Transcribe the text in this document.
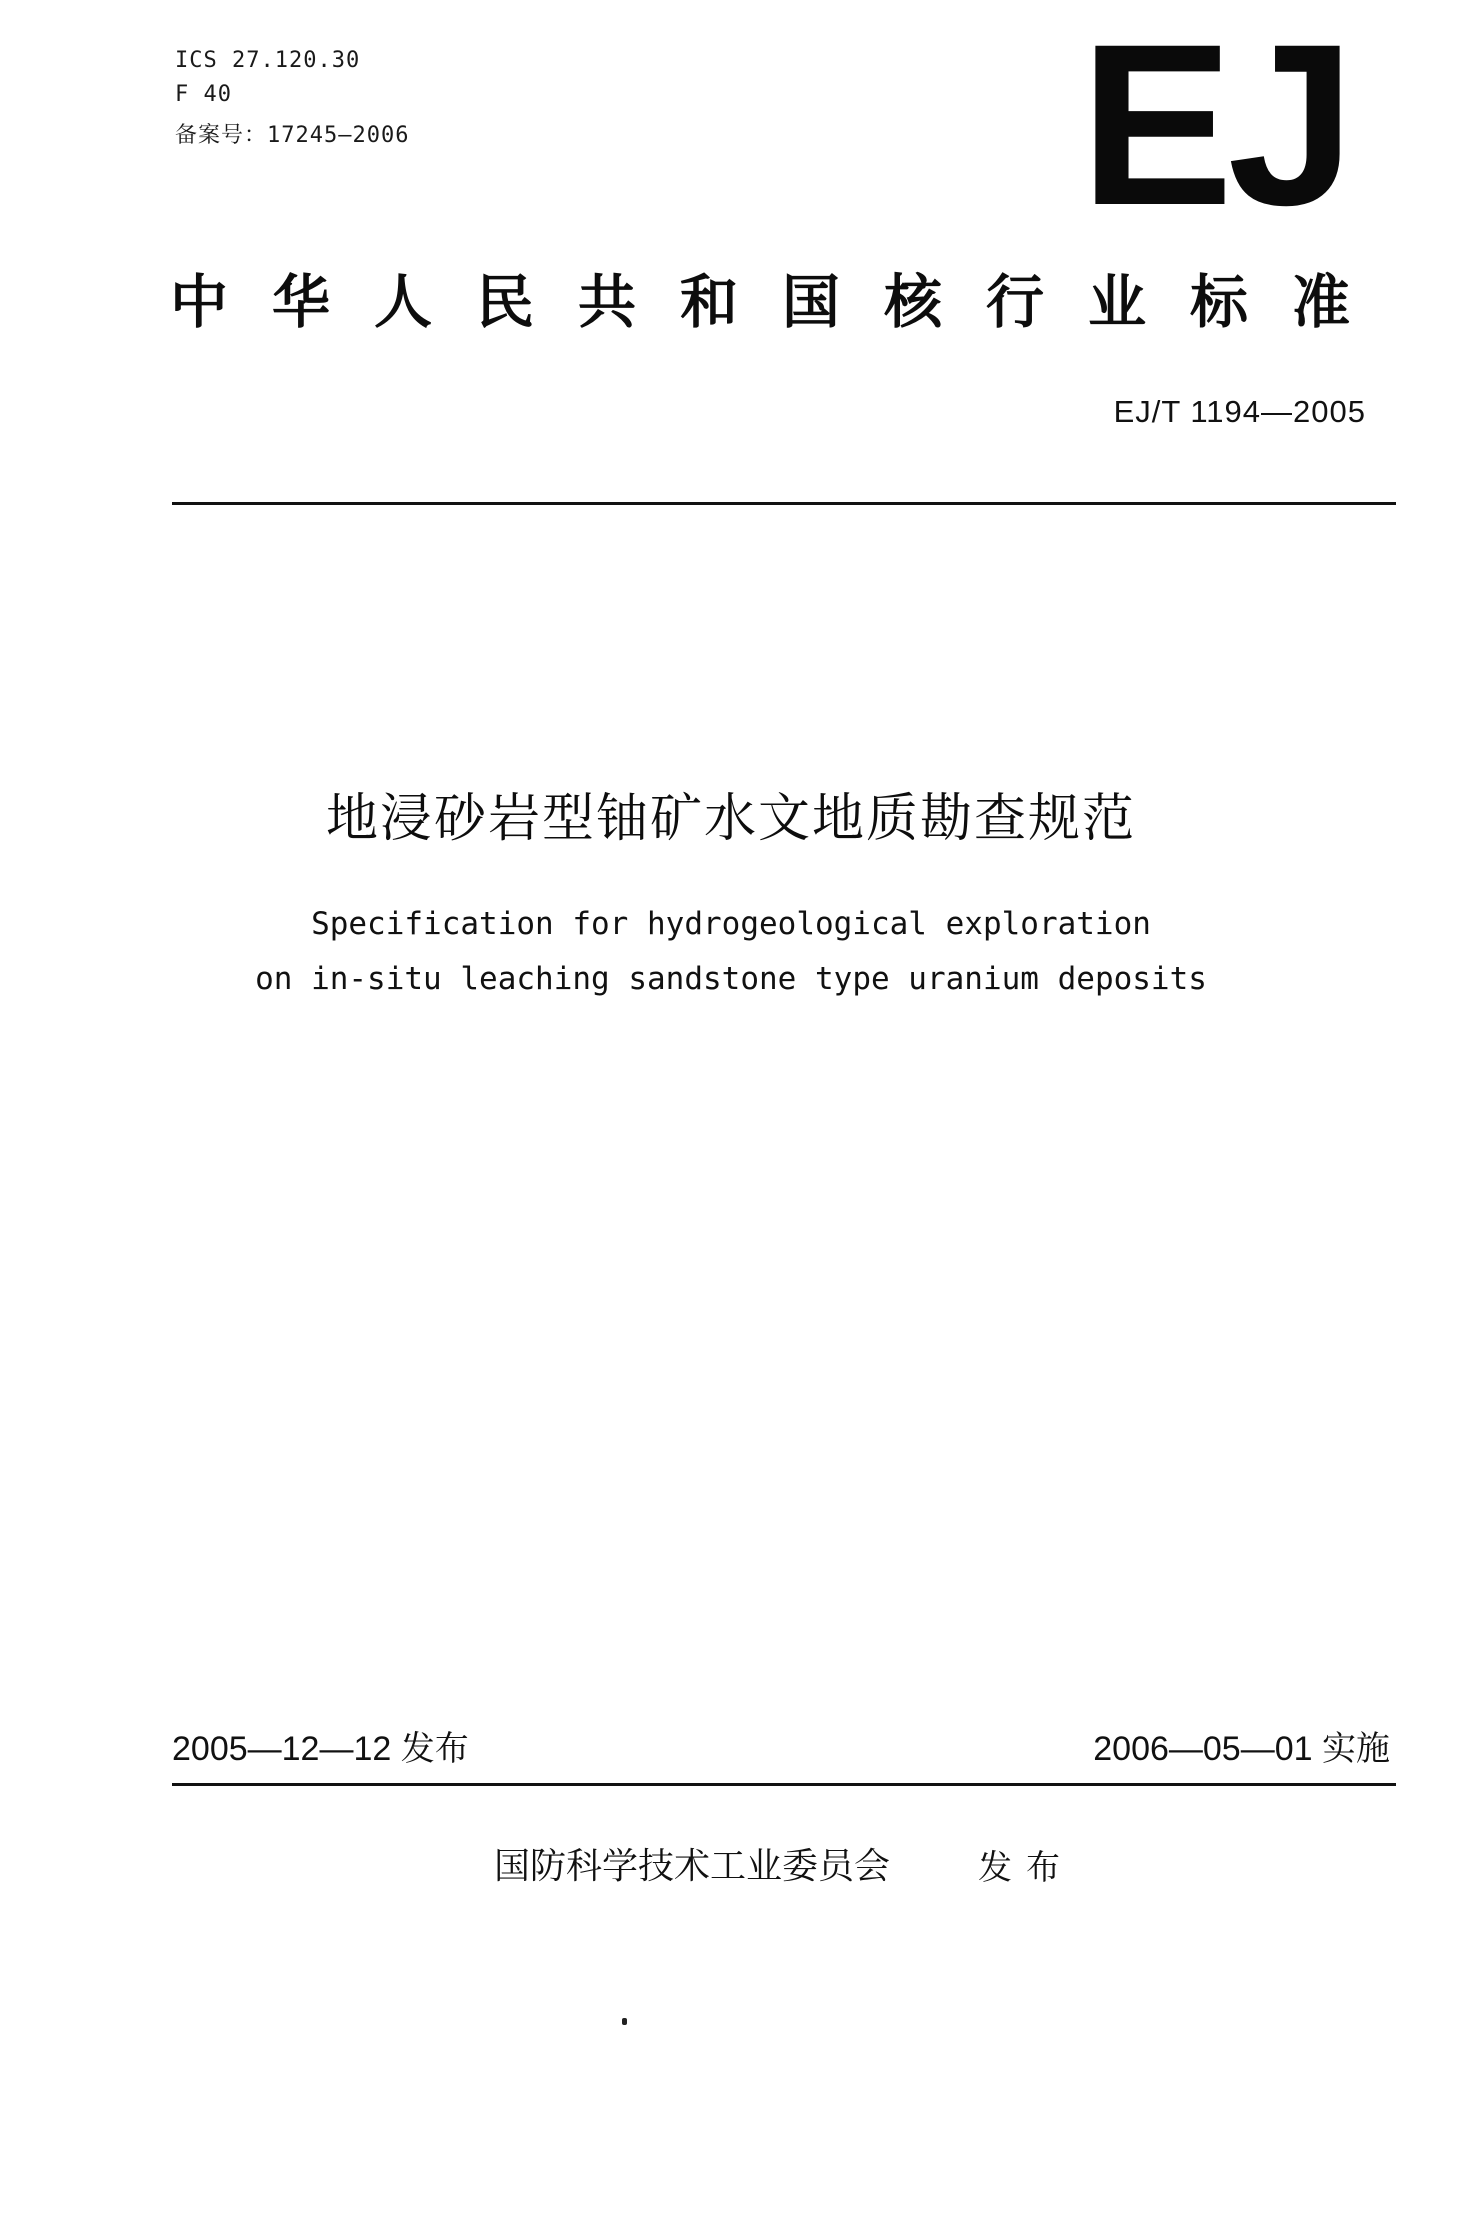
ICS 27.120.30
F 40
备案号：17245—2006	EJ
中华人民共和国核行业标准
EJ/T 1194—2005
地浸砂岩型铀矿水文地质勘查规范
Specification for hydrogeological exploration
on in-situ leaching sandstone type uranium deposits
2005—12—12 发布	2006—05—01 实施
国防科学技术工业委员会	发布
